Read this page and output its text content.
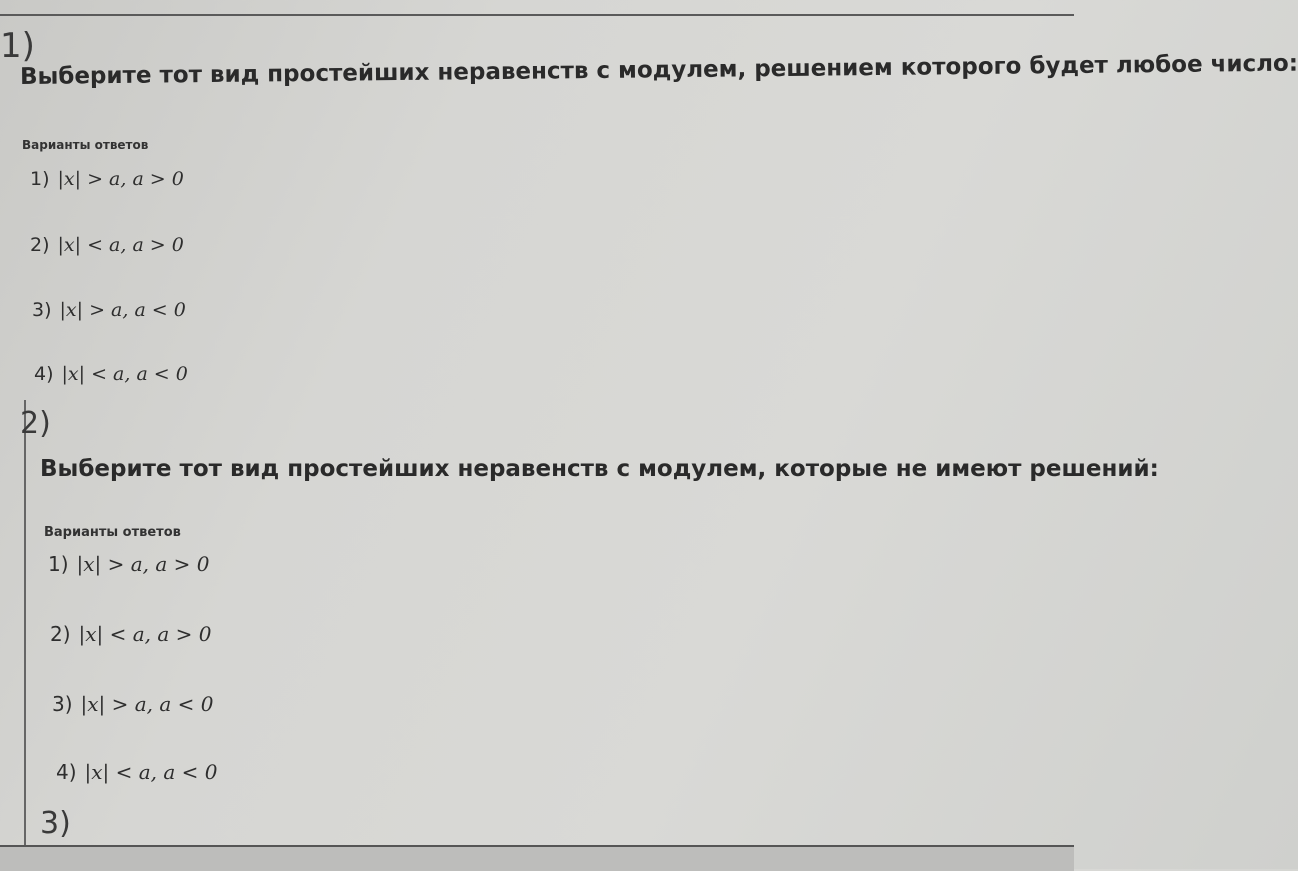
1)
Выберите тот вид простейших неравенств с модулем, решением которого будет любое число:
Варианты ответов
1) |x| > a, a > 0
2) |x| < a, a > 0
3) |x| > a, a < 0
4) |x| < a, a < 0
2)
Выберите тот вид простейших неравенств с модулем, которые не имеют решений:
Варианты ответов
1) |x| > a, a > 0
2) |x| < a, a > 0
3) |x| > a, a < 0
4) |x| < a, a < 0
3)
